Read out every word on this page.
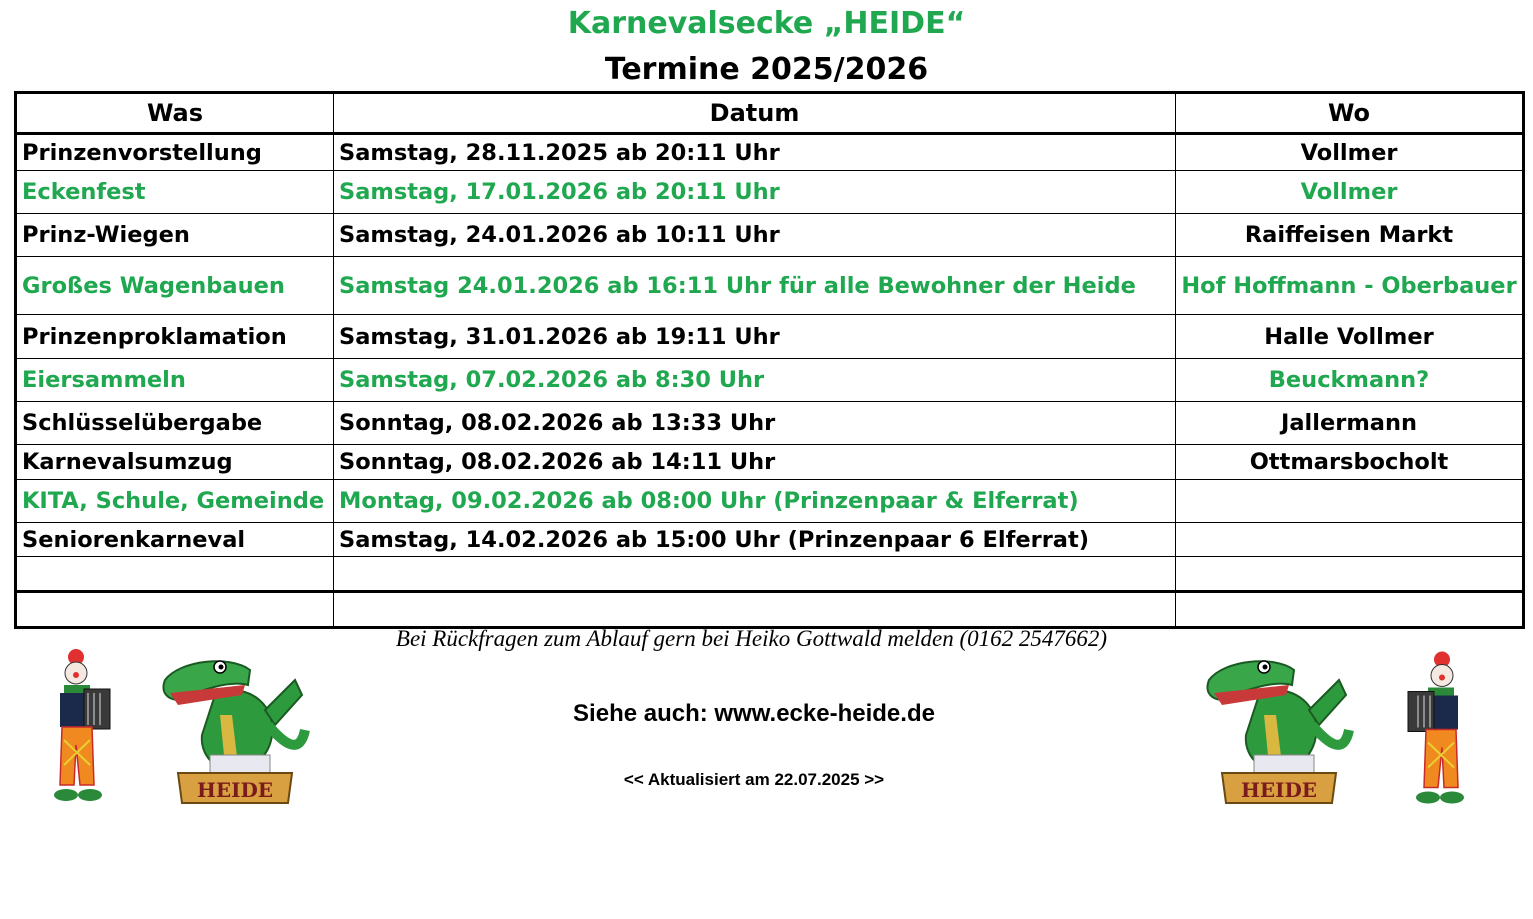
Karnevalsecke „HEIDE“
Termine 2025/2026
Was	Datum	Wo
Prinzenvorstellung	Samstag, 28.11.2025 ab 20:11 Uhr	Vollmer
Eckenfest	Samstag, 17.01.2026 ab 20:11 Uhr	Vollmer
Prinz-Wiegen	Samstag, 24.01.2026 ab 10:11 Uhr	Raiffeisen Markt
Großes Wagenbauen	Samstag 24.01.2026 ab 16:11 Uhr für alle Bewohner der Heide	Hof Hoffmann - Oberbauer
Prinzenproklamation	Samstag, 31.01.2026 ab 19:11 Uhr	Halle Vollmer
Eiersammeln	Samstag, 07.02.2026 ab 8:30 Uhr	Beuckmann?
Schlüsselübergabe	Sonntag, 08.02.2026 ab 13:33 Uhr	Jallermann
Karnevalsumzug	Sonntag, 08.02.2026 ab 14:11 Uhr	Ottmarsbocholt
KITA, Schule, Gemeinde	Montag, 09.02.2026 ab 08:00 Uhr (Prinzenpaar & Elferrat)	
Seniorenkarneval	Samstag, 14.02.2026 ab 15:00 Uhr (Prinzenpaar 6 Elferrat)	

Bei Rückfragen zum Ablauf gern bei Heiko Gottwald melden (0162 2547662)
Siehe auch: www.ecke-heide.de
<< Aktualisiert am 22.07.2025 >>
HEIDE	HEIDE
